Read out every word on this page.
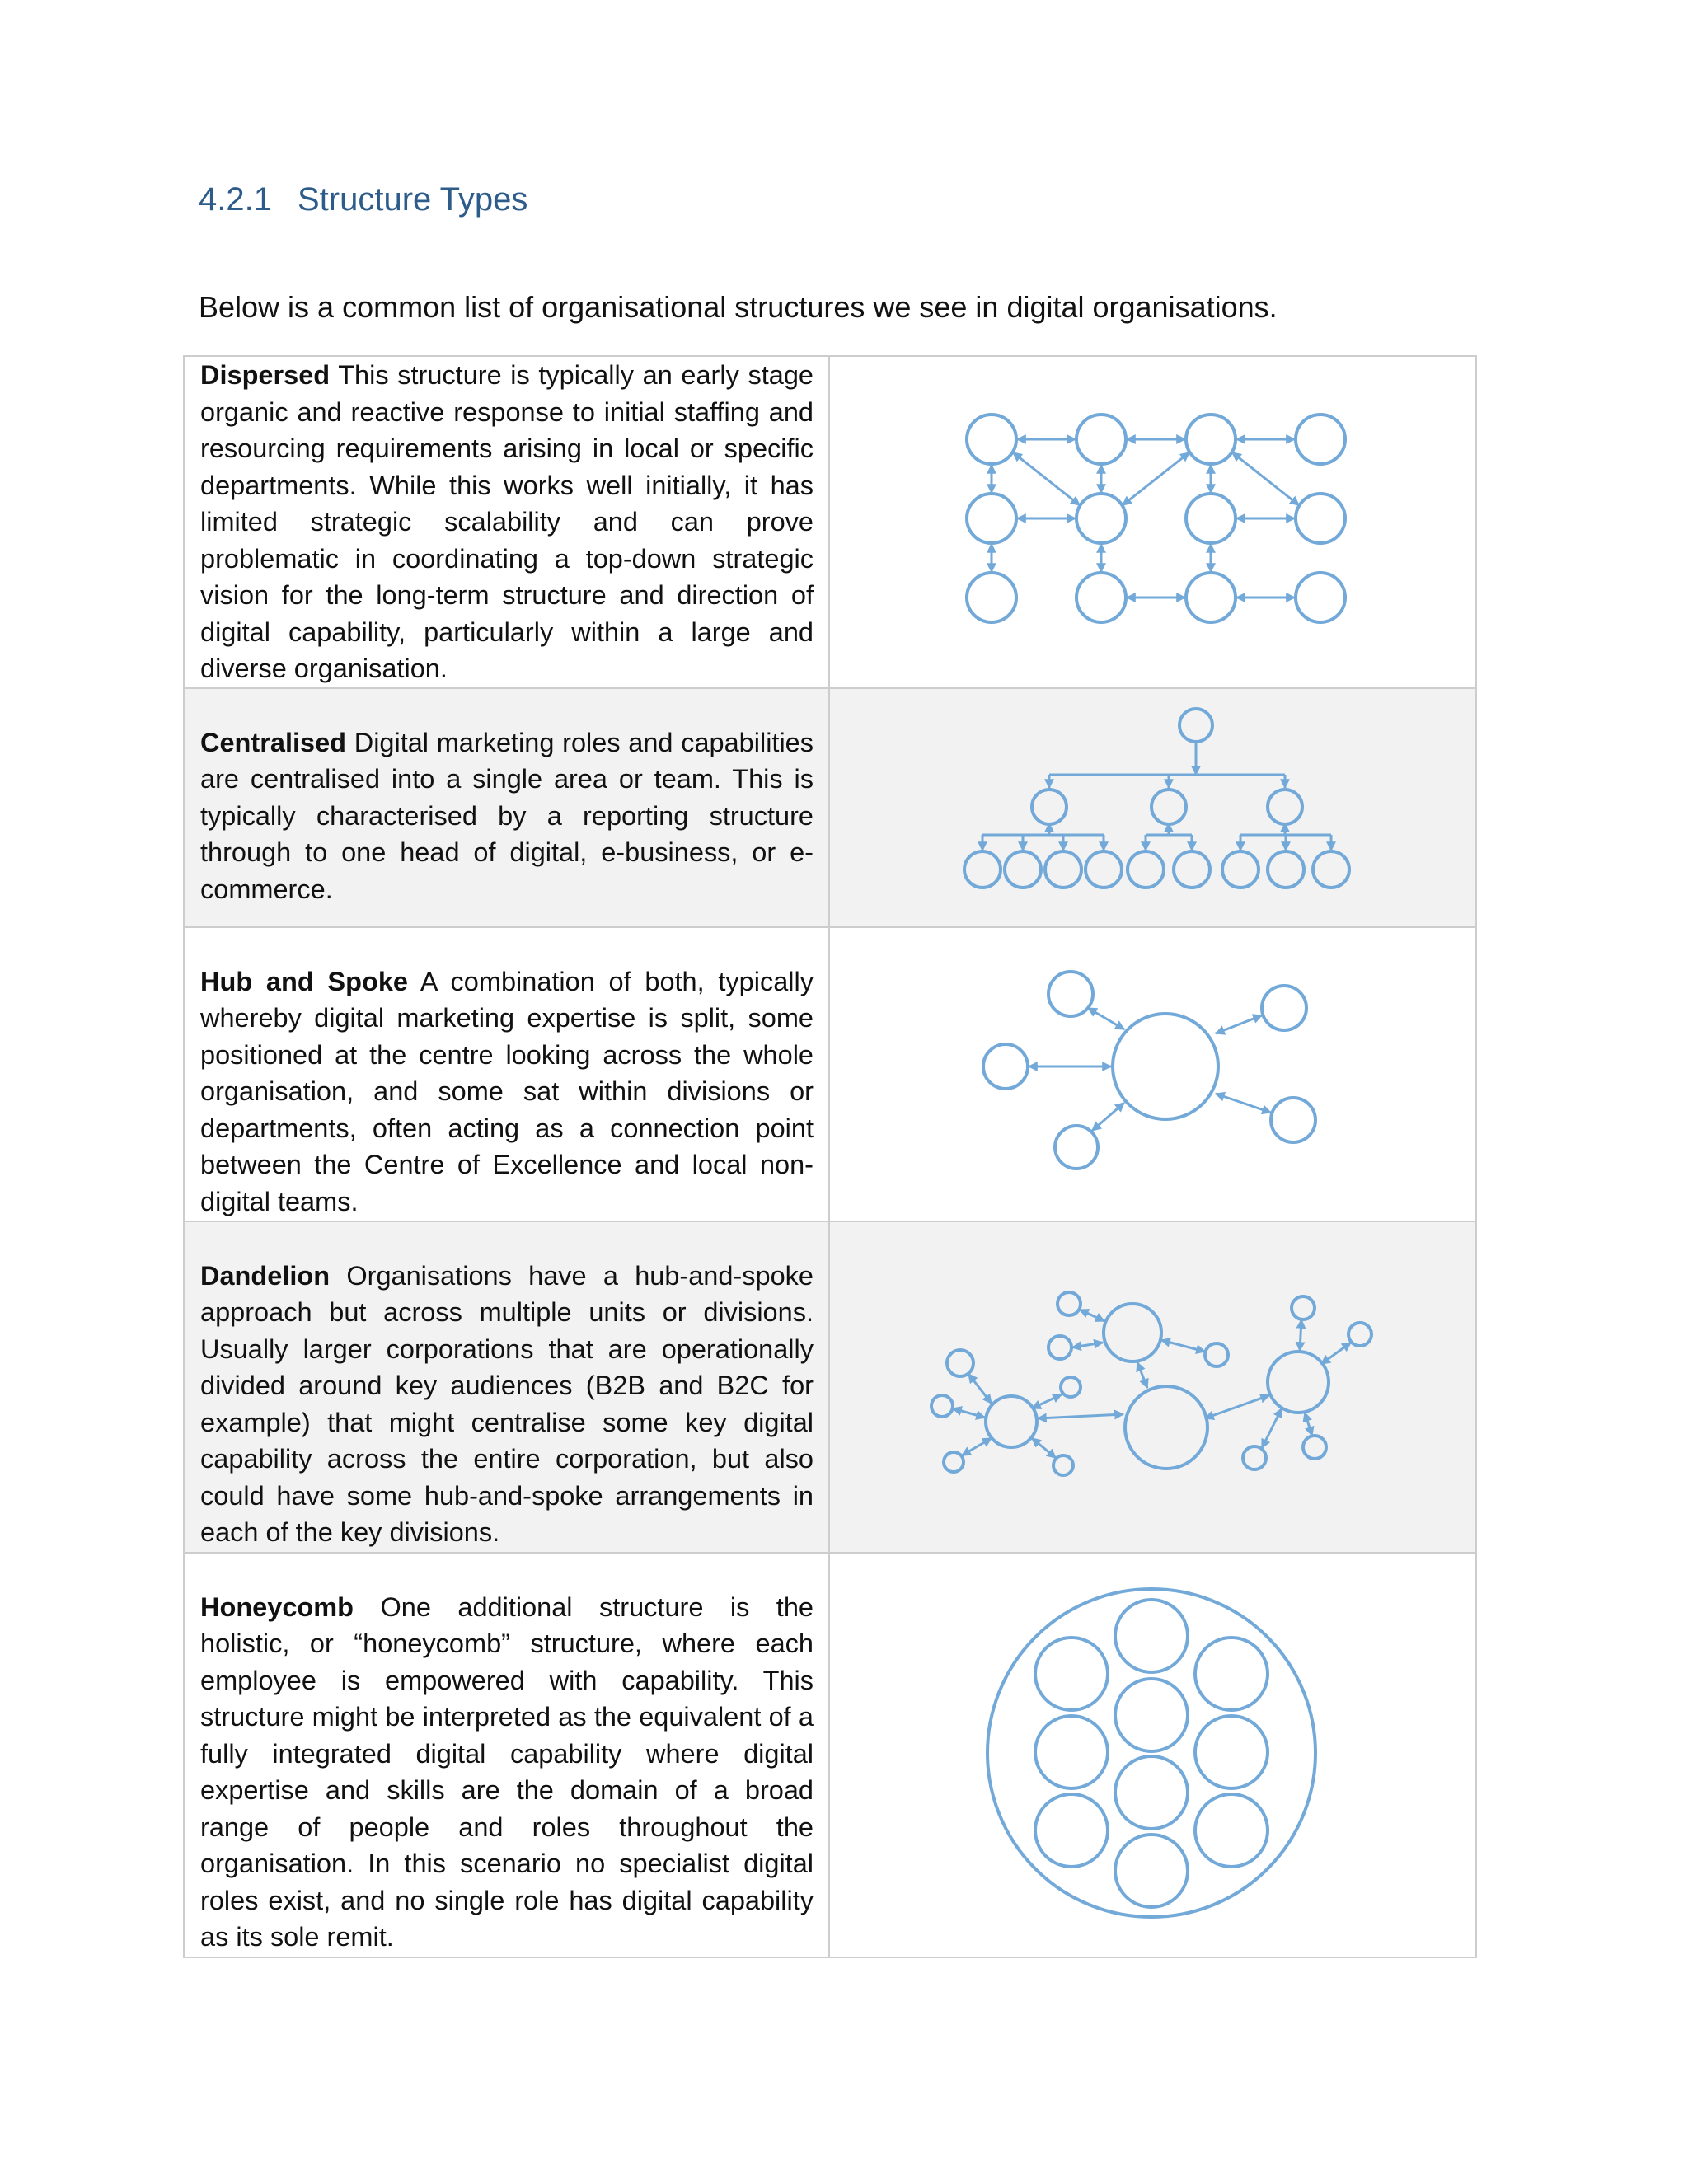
4.2.1 Structure Types
Below is a common list of organisational structures we see in digital organisations.
Dispersed This structure is typically an early stage organic and reactive response to initial staffing and resourcing requirements arising in local or specific departments. While this works well initially, it has limited strategic scalability and can prove problematic in coordinating a top-down strategic vision for the long-term structure and direction of digital capability, particularly within a large and diverse organisation.

Centralised Digital marketing roles and capabilities are centralised into a single area or team. This is typically characterised by a reporting structure through to one head of digital, e-business, or e-commerce.

Hub and Spoke A combination of both, typically whereby digital marketing expertise is split, some positioned at the centre looking across the whole organisation, and some sat within divisions or departments, often acting as a connection point between the Centre of Excellence and local non-digital teams.

Dandelion Organisations have a hub-and-spoke approach but across multiple units or divisions. Usually larger corporations that are operationally divided around key audiences (B2B and B2C for example) that might centralise some key digital capability across the entire corporation, but also could have some hub-and-spoke arrangements in each of the key divisions.

Honeycomb One additional structure is the holistic, or “honeycomb” structure, where each employee is empowered with capability. This structure might be interpreted as the equivalent of a fully integrated digital capability where digital expertise and skills are the domain of a broad range of people and roles throughout the organisation. In this scenario no specialist digital roles exist, and no single role has digital capability as its sole remit.
